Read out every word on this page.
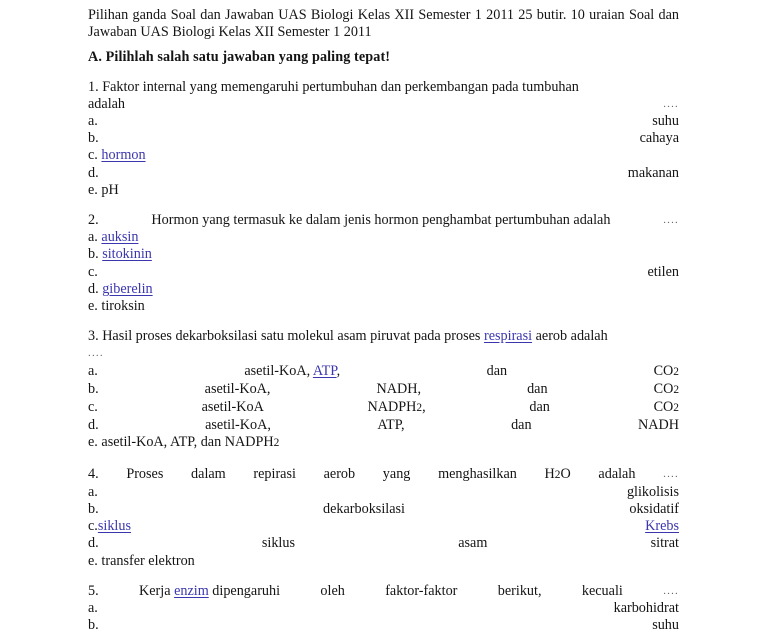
Pilihan ganda Soal dan Jawaban UAS Biologi Kelas XII Semester 1 2011 25 butir. 10 uraian Soal dan Jawaban UAS Biologi Kelas XII Semester 1 2011
A. Pilihlah salah satu jawaban yang paling tepat!
1. Faktor internal yang memengaruhi pertumbuhan dan perkembangan pada tumbuhan
adalah	....
a.	suhu
b.	cahaya
c. hormon
d.	makanan
e. pH
2.	Hormon yang termasuk ke dalam jenis hormon penghambat pertumbuhan adalah	....
a. auksin
b. sitokinin
c.	etilen
d. giberelin
e. tiroksin
3. Hasil proses dekarboksilasi satu molekul asam piruvat pada proses respirasi aerob adalah
....
a.	asetil-KoA, ATP,	dan	CO2
b.	asetil-KoA,	NADH,	dan	CO2
c.	asetil-KoA	NADPH2,	dan	CO2
d.	asetil-KoA,	ATP,	dan	NADH
e. asetil-KoA, ATP, dan NADPH2
4. Proses dalam repirasi aerob yang menghasilkan H2O adalah	....
a.	glikolisis
b.	dekarboksilasi	oksidatif
c. siklus	Krebs
d.	siklus	asam	sitrat
e. transfer elektron
5.	Kerja enzim
dipengaruhi	oleh	faktor-faktor	berikut,	kecuali	....
a.	karbohidrat
b.	suhu
